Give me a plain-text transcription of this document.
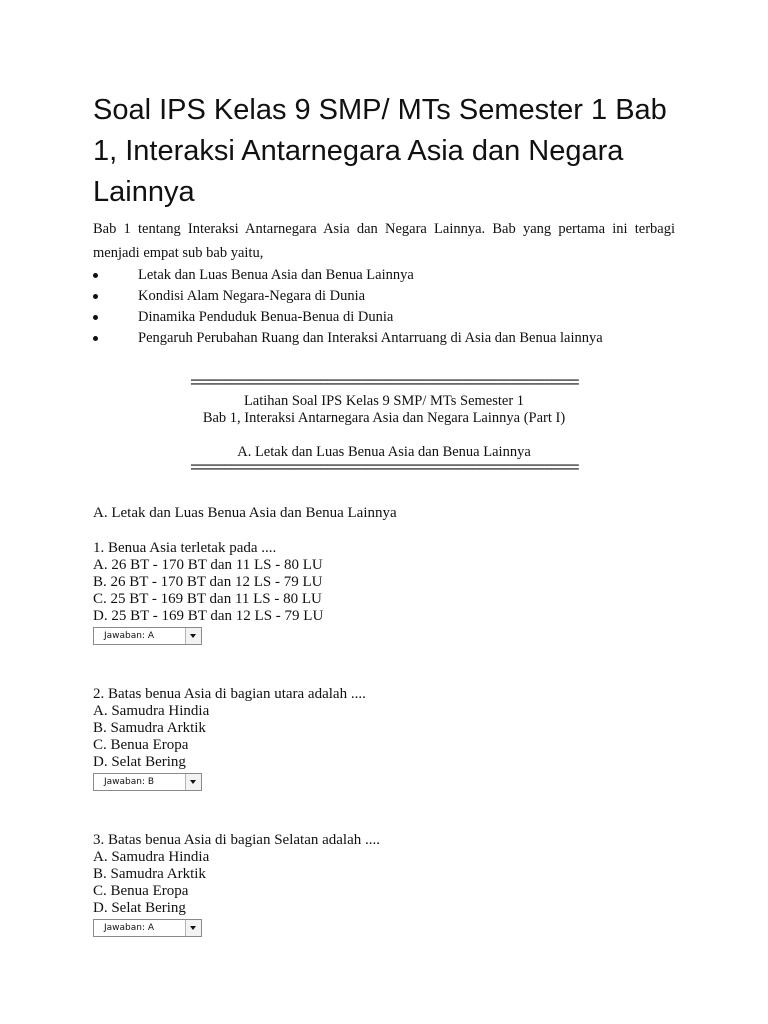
Soal IPS Kelas 9 SMP/ MTs Semester 1 Bab 1, Interaksi Antarnegara Asia dan Negara Lainnya

Bab 1 tentang Interaksi Antarnegara Asia dan Negara Lainnya. Bab yang pertama ini terbagi menjadi empat sub bab yaitu,

Letak dan Luas Benua Asia dan Benua Lainnya
Kondisi Alam Negara-Negara di Dunia
Dinamika Penduduk Benua-Benua di Dunia
Pengaruh Perubahan Ruang dan Interaksi Antarruang di Asia dan Benua lainnya
=========================================================
Latihan Soal IPS Kelas 9 SMP/ MTs Semester 1
Bab 1, Interaksi Antarnegara Asia dan Negara Lainnya (Part I)
A. Letak dan Luas Benua Asia dan Benua Lainnya
=========================================================
A. Letak dan Luas Benua Asia dan Benua Lainnya
1. Benua Asia terletak pada ....
A. 26 BT - 170 BT dan 11 LS - 80 LU
B. 26 BT - 170 BT dan 12 LS - 79 LU
C. 25 BT - 169 BT dan 11 LS - 80 LU
D. 25 BT - 169 BT dan 12 LS - 79 LU
Jawaban: A
2. Batas benua Asia di bagian utara adalah ....
A. Samudra Hindia
B. Samudra Arktik
C. Benua Eropa
D. Selat Bering
Jawaban: B
3. Batas benua Asia di bagian Selatan adalah ....
A. Samudra Hindia
B. Samudra Arktik
C. Benua Eropa
D. Selat Bering
Jawaban: A
